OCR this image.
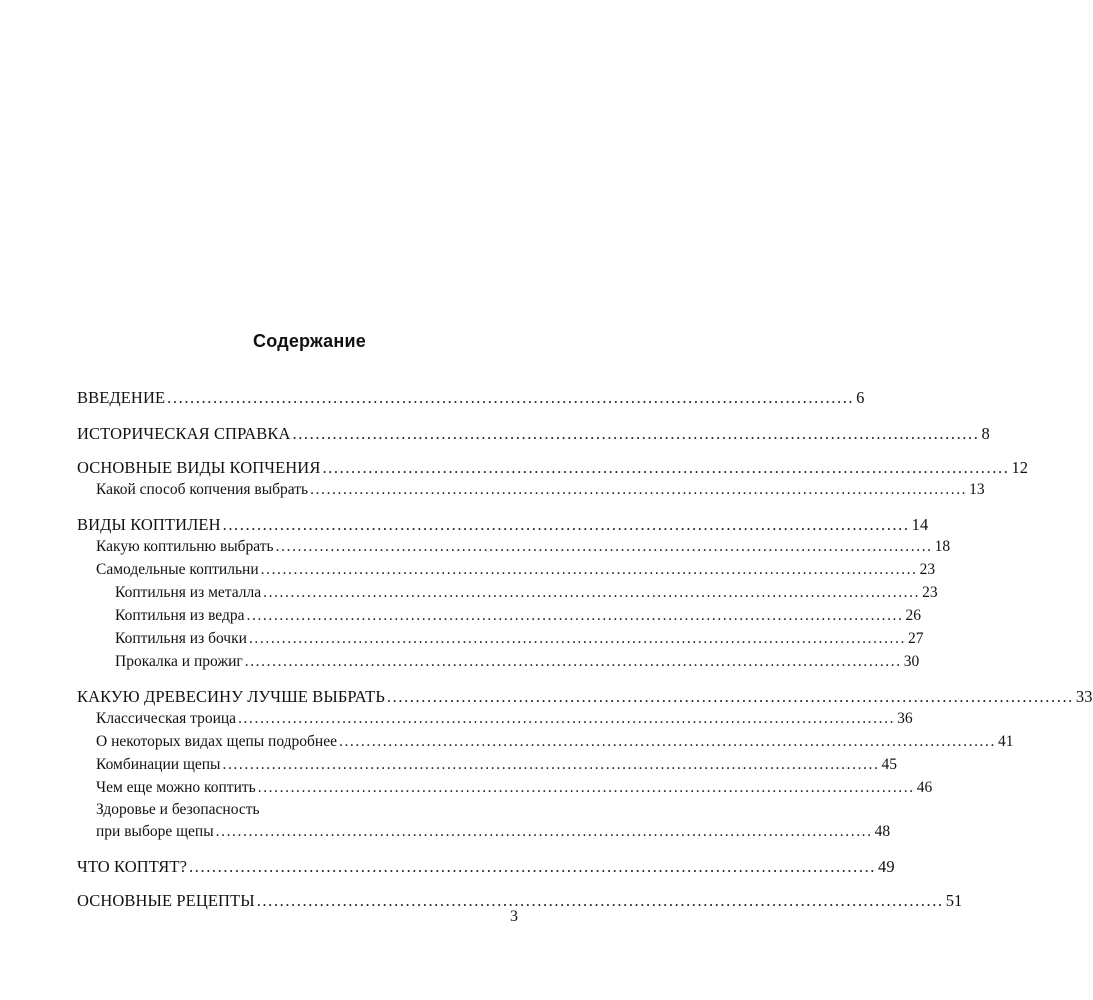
Содержание
ВВЕДЕНИЕ ........................................................................................................................ 6
ИСТОРИЧЕСКАЯ СПРАВКА ........................................................................................................................ 8
ОСНОВНЫЕ ВИДЫ КОПЧЕНИЯ ........................................................................................................................ 12
Какой способ копчения выбрать ........................................................................................................................ 13
ВИДЫ КОПТИЛЕН ........................................................................................................................ 14
Какую коптильню выбрать ........................................................................................................................ 18
Самодельные коптильни ........................................................................................................................ 23
Коптильня из металла ........................................................................................................................ 23
Коптильня из ведра ........................................................................................................................ 26
Коптильня из бочки ........................................................................................................................ 27
Прокалка и прожиг ........................................................................................................................ 30
КАКУЮ ДРЕВЕСИНУ ЛУЧШЕ ВЫБРАТЬ ........................................................................................................................ 33
Классическая троица ........................................................................................................................ 36
О некоторых видах щепы подробнее ........................................................................................................................ 41
Комбинации щепы ........................................................................................................................ 45
Чем еще можно коптить ........................................................................................................................ 46
Здоровье и безопасность
при выборе щепы ........................................................................................................................ 48
ЧТО КОПТЯТ? ........................................................................................................................ 49
ОСНОВНЫЕ РЕЦЕПТЫ ........................................................................................................................ 51
3
